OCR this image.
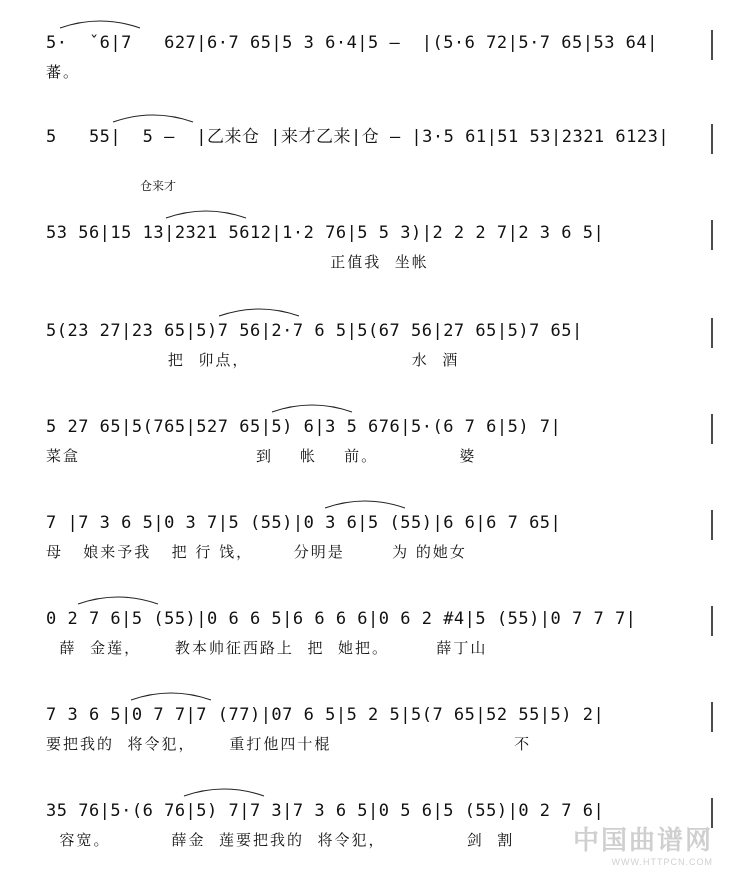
5·  ˇ6|7   627|6·7 65|5 3 6·4|5 —  |(5·6 72|5·7 65|53 64|
蕃。
5   55|  5 —  |乙来仓 |来才乙来|仓 — |3·5 61|51 53|2321 6123|
仓来才
53 56|15 13|2321 5612|1·2 76|5 5 3)|2 2 2 7|2 3 6 5|
正值我  坐帐
5(23 27|23 65|5)7 56|2·7 6 5|5(67 56|27 65|5)7 65|
把  卯点，                        水  酒
5 27 65|5(765|527 65|5) 6|3 5 676|5·(6 7 6|5) 7|
菜盒                          到    帐    前。            婆
7 |7 3 6 5|0 3 7|5 (55)|0 3 6|5 (55)|6 6|6 7 65|
母   娘来予我   把 行 饯，      分明是       为 的她女
0 2 7 6|5 (55)|0 6 6 5|6 6 6 6|0 6 2 #4|5 (55)|0 7 7 7|
薛  金莲，     教本帅征西路上  把  她把。       薛丁山
7 3 6 5|0 7 7|7 (77)|07 6 5|5 2 5|5(7 65|52 55|5) 2|
要把我的  将令犯，     重打他四十棍                           不
35 76|5·(6 76|5) 7|7 3|7 3 6 5|0 5 6|5 (55)|0 2 7 6|
容宽。         薛金  莲要把我的  将令犯，            剑  割	中国曲谱网
WWW.HTTPCN.COM
